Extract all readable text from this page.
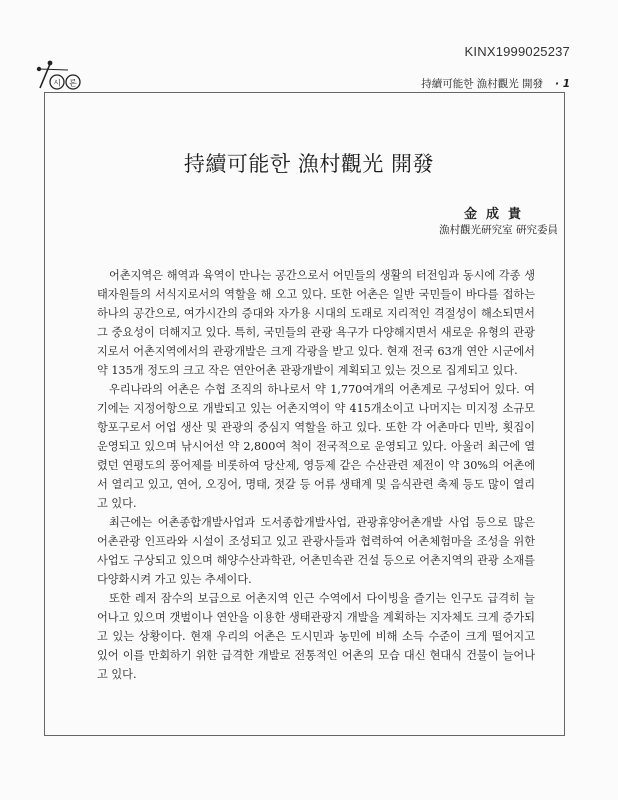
KINX1999025237
시 론	持續可能한 漁村觀光 開發 · 1
持續可能한 漁村觀光 開發
金成貴
漁村觀光硏究室 硏究委員

어촌지역은 해역과 육역이 만나는 공간으로서 어민들의 생활의 터전임과 동시에 각종 생태자원들의 서식지로서의 역할을 해 오고 있다. 또한 어촌은 일반 국민들이 바다를 접하는 하나의 공간으로, 여가시간의 증대와 자가용 시대의 도래로 지리적인 격절성이 해소되면서 그 중요성이 더해지고 있다. 특히, 국민들의 관광 욕구가 다양해지면서 새로운 유형의 관광지로서 어촌지역에서의 관광개발은 크게 각광을 받고 있다. 현재 전국 63개 연안 시군에서 약 135개 정도의 크고 작은 연안어촌 관광개발이 계획되고 있는 것으로 집계되고 있다.

우리나라의 어촌은 수협 조직의 하나로서 약 1,770여개의 어촌계로 구성되어 있다. 여기에는 지정어항으로 개발되고 있는 어촌지역이 약 415개소이고 나머지는 미지정 소규모 항포구로서 어업 생산 및 관광의 중심지 역할을 하고 있다. 또한 각 어촌마다 민박, 횟집이 운영되고 있으며 낚시어선 약 2,800여 척이 전국적으로 운영되고 있다. 아울러 최근에 열렸던 연평도의 풍어제를 비롯하여 당산제, 영등제 같은 수산관련 제전이 약 30%의 어촌에서 열리고 있고, 연어, 오징어, 명태, 젓갈 등 어류 생태계 및 음식관련 축제 등도 많이 열리고 있다.

최근에는 어촌종합개발사업과 도서종합개발사업, 관광휴양어촌개발 사업 등으로 많은 어촌관광 인프라와 시설이 조성되고 있고 관광사들과 협력하여 어촌체험마을 조성을 위한 사업도 구상되고 있으며 해양수산과학관, 어촌민속관 건설 등으로 어촌지역의 관광 소재를 다양화시켜 가고 있는 추세이다.

또한 레저 잠수의 보급으로 어촌지역 인근 수역에서 다이빙을 즐기는 인구도 급격히 늘어나고 있으며 갯벌이나 연안을 이용한 생태관광지 개발을 계획하는 지자체도 크게 증가되고 있는 상황이다. 현재 우리의 어촌은 도시민과 농민에 비해 소득 수준이 크게 떨어지고 있어 이를 만회하기 위한 급격한 개발로 전통적인 어촌의 모습 대신 현대식 건물이 늘어나고 있다.
